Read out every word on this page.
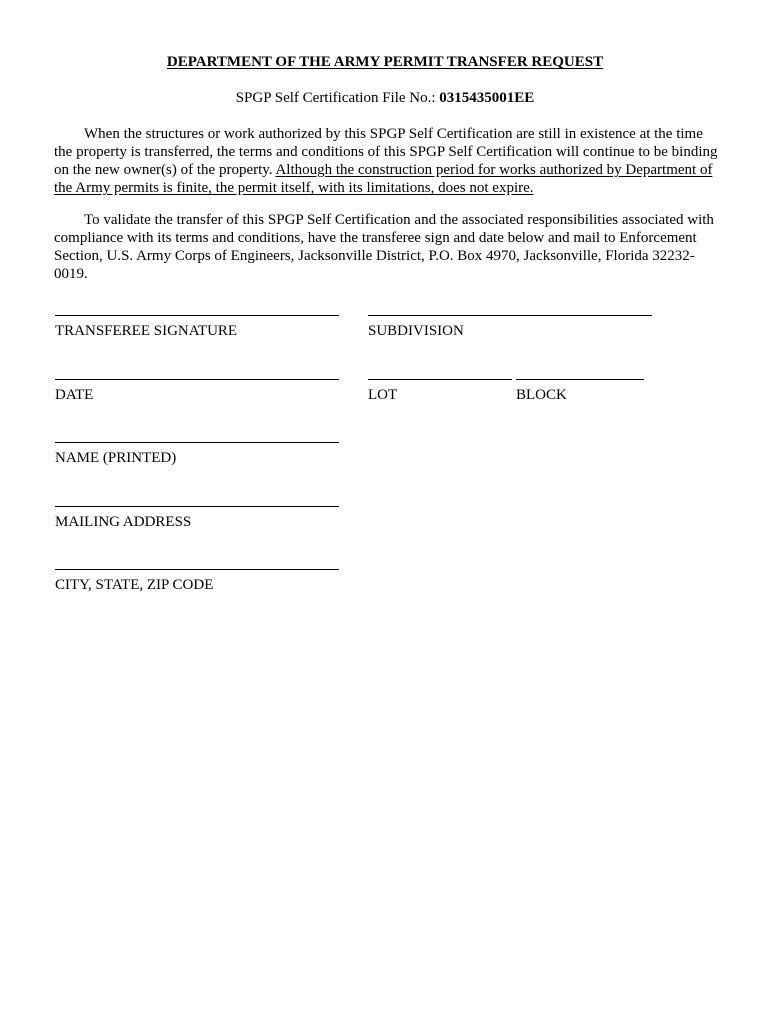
DEPARTMENT OF THE ARMY PERMIT TRANSFER REQUEST
SPGP Self Certification File No.: 0315435001EE

When the structures or work authorized by this SPGP Self Certification are still in existence at the time the property is transferred, the terms and conditions of this SPGP Self Certification will continue to be binding on the new owner(s) of the property. Although the construction period for works authorized by Department of the Army permits is finite, the permit itself, with its limitations, does not expire.

To validate the transfer of this SPGP Self Certification and the associated responsibilities associated with compliance with its terms and conditions, have the transferee sign and date below and mail to Enforcement Section, U.S. Army Corps of Engineers, Jacksonville District, P.O. Box 4970, Jacksonville, Florida 32232-0019.

TRANSFEREE SIGNATURE	SUBDIVISION
DATE	LOT	BLOCK
NAME (PRINTED)
MAILING ADDRESS
CITY, STATE, ZIP CODE
